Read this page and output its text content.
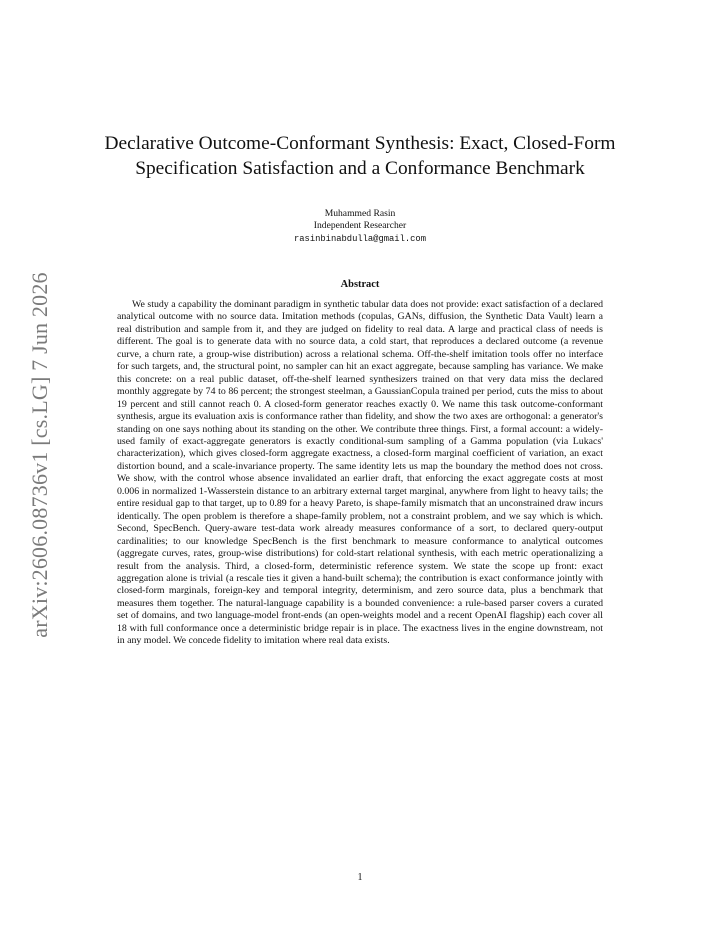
arXiv:2606.08736v1 [cs.LG] 7 Jun 2026
Declarative Outcome-Conformant Synthesis: Exact, Closed-Form
Specification Satisfaction and a Conformance Benchmark
Muhammed Rasin
Independent Researcher
rasinbinabdulla@gmail.com
Abstract

We study a capability the dominant paradigm in synthetic tabular data does not provide: exact satisfaction of a declared analytical outcome with no source data. Imitation methods (copulas, GANs, diffusion, the Synthetic Data Vault) learn a real distribution and sample from it, and they are judged on fidelity to real data. A large and practical class of needs is different. The goal is to generate data with no source data, a cold start, that reproduces a declared outcome (a revenue curve, a churn rate, a group-wise distribution) across a relational schema. Off-the-shelf imitation tools offer no interface for such targets, and, the structural point, no sampler can hit an exact aggregate, because sampling has variance. We make this concrete: on a real public dataset, off-the-shelf learned synthesizers trained on that very data miss the declared monthly aggregate by 74 to 86 percent; the strongest steelman, a GaussianCopula trained per period, cuts the miss to about 19 percent and still cannot reach 0. A closed-form generator reaches exactly 0. We name this task outcome-conformant synthesis, argue its evaluation axis is conformance rather than fidelity, and show the two axes are orthogonal: a generator's standing on one says nothing about its standing on the other. We contribute three things. First, a formal account: a widely-used family of exact-aggregate generators is exactly conditional-sum sampling of a Gamma population (via Lukacs' characterization), which gives closed-form aggregate exactness, a closed-form marginal coefficient of variation, an exact distortion bound, and a scale-invariance property. The same identity lets us map the boundary the method does not cross. We show, with the control whose absence invalidated an earlier draft, that enforcing the exact aggregate costs at most 0.006 in normalized 1-Wasserstein distance to an arbitrary external target marginal, anywhere from light to heavy tails; the entire residual gap to that target, up to 0.89 for a heavy Pareto, is shape-family mismatch that an unconstrained draw incurs identically. The open problem is therefore a shape-family problem, not a constraint problem, and we say which is which. Second, SpecBench. Query-aware test-data work already measures conformance of a sort, to declared query-output cardinalities; to our knowledge SpecBench is the first benchmark to measure conformance to analytical outcomes (aggregate curves, rates, group-wise distributions) for cold-start relational synthesis, with each metric operationalizing a result from the analysis. Third, a closed-form, deterministic reference system. We state the scope up front: exact aggregation alone is trivial (a rescale ties it given a hand-built schema); the contribution is exact conformance jointly with closed-form marginals, foreign-key and temporal integrity, determinism, and zero source data, plus a benchmark that measures them together. The natural-language capability is a bounded convenience: a rule-based parser covers a curated set of domains, and two language-model front-ends (an open-weights model and a recent OpenAI flagship) each cover all 18 with full conformance once a deterministic bridge repair is in place. The exactness lives in the engine downstream, not in any model. We concede fidelity to imitation where real data exists.

1
